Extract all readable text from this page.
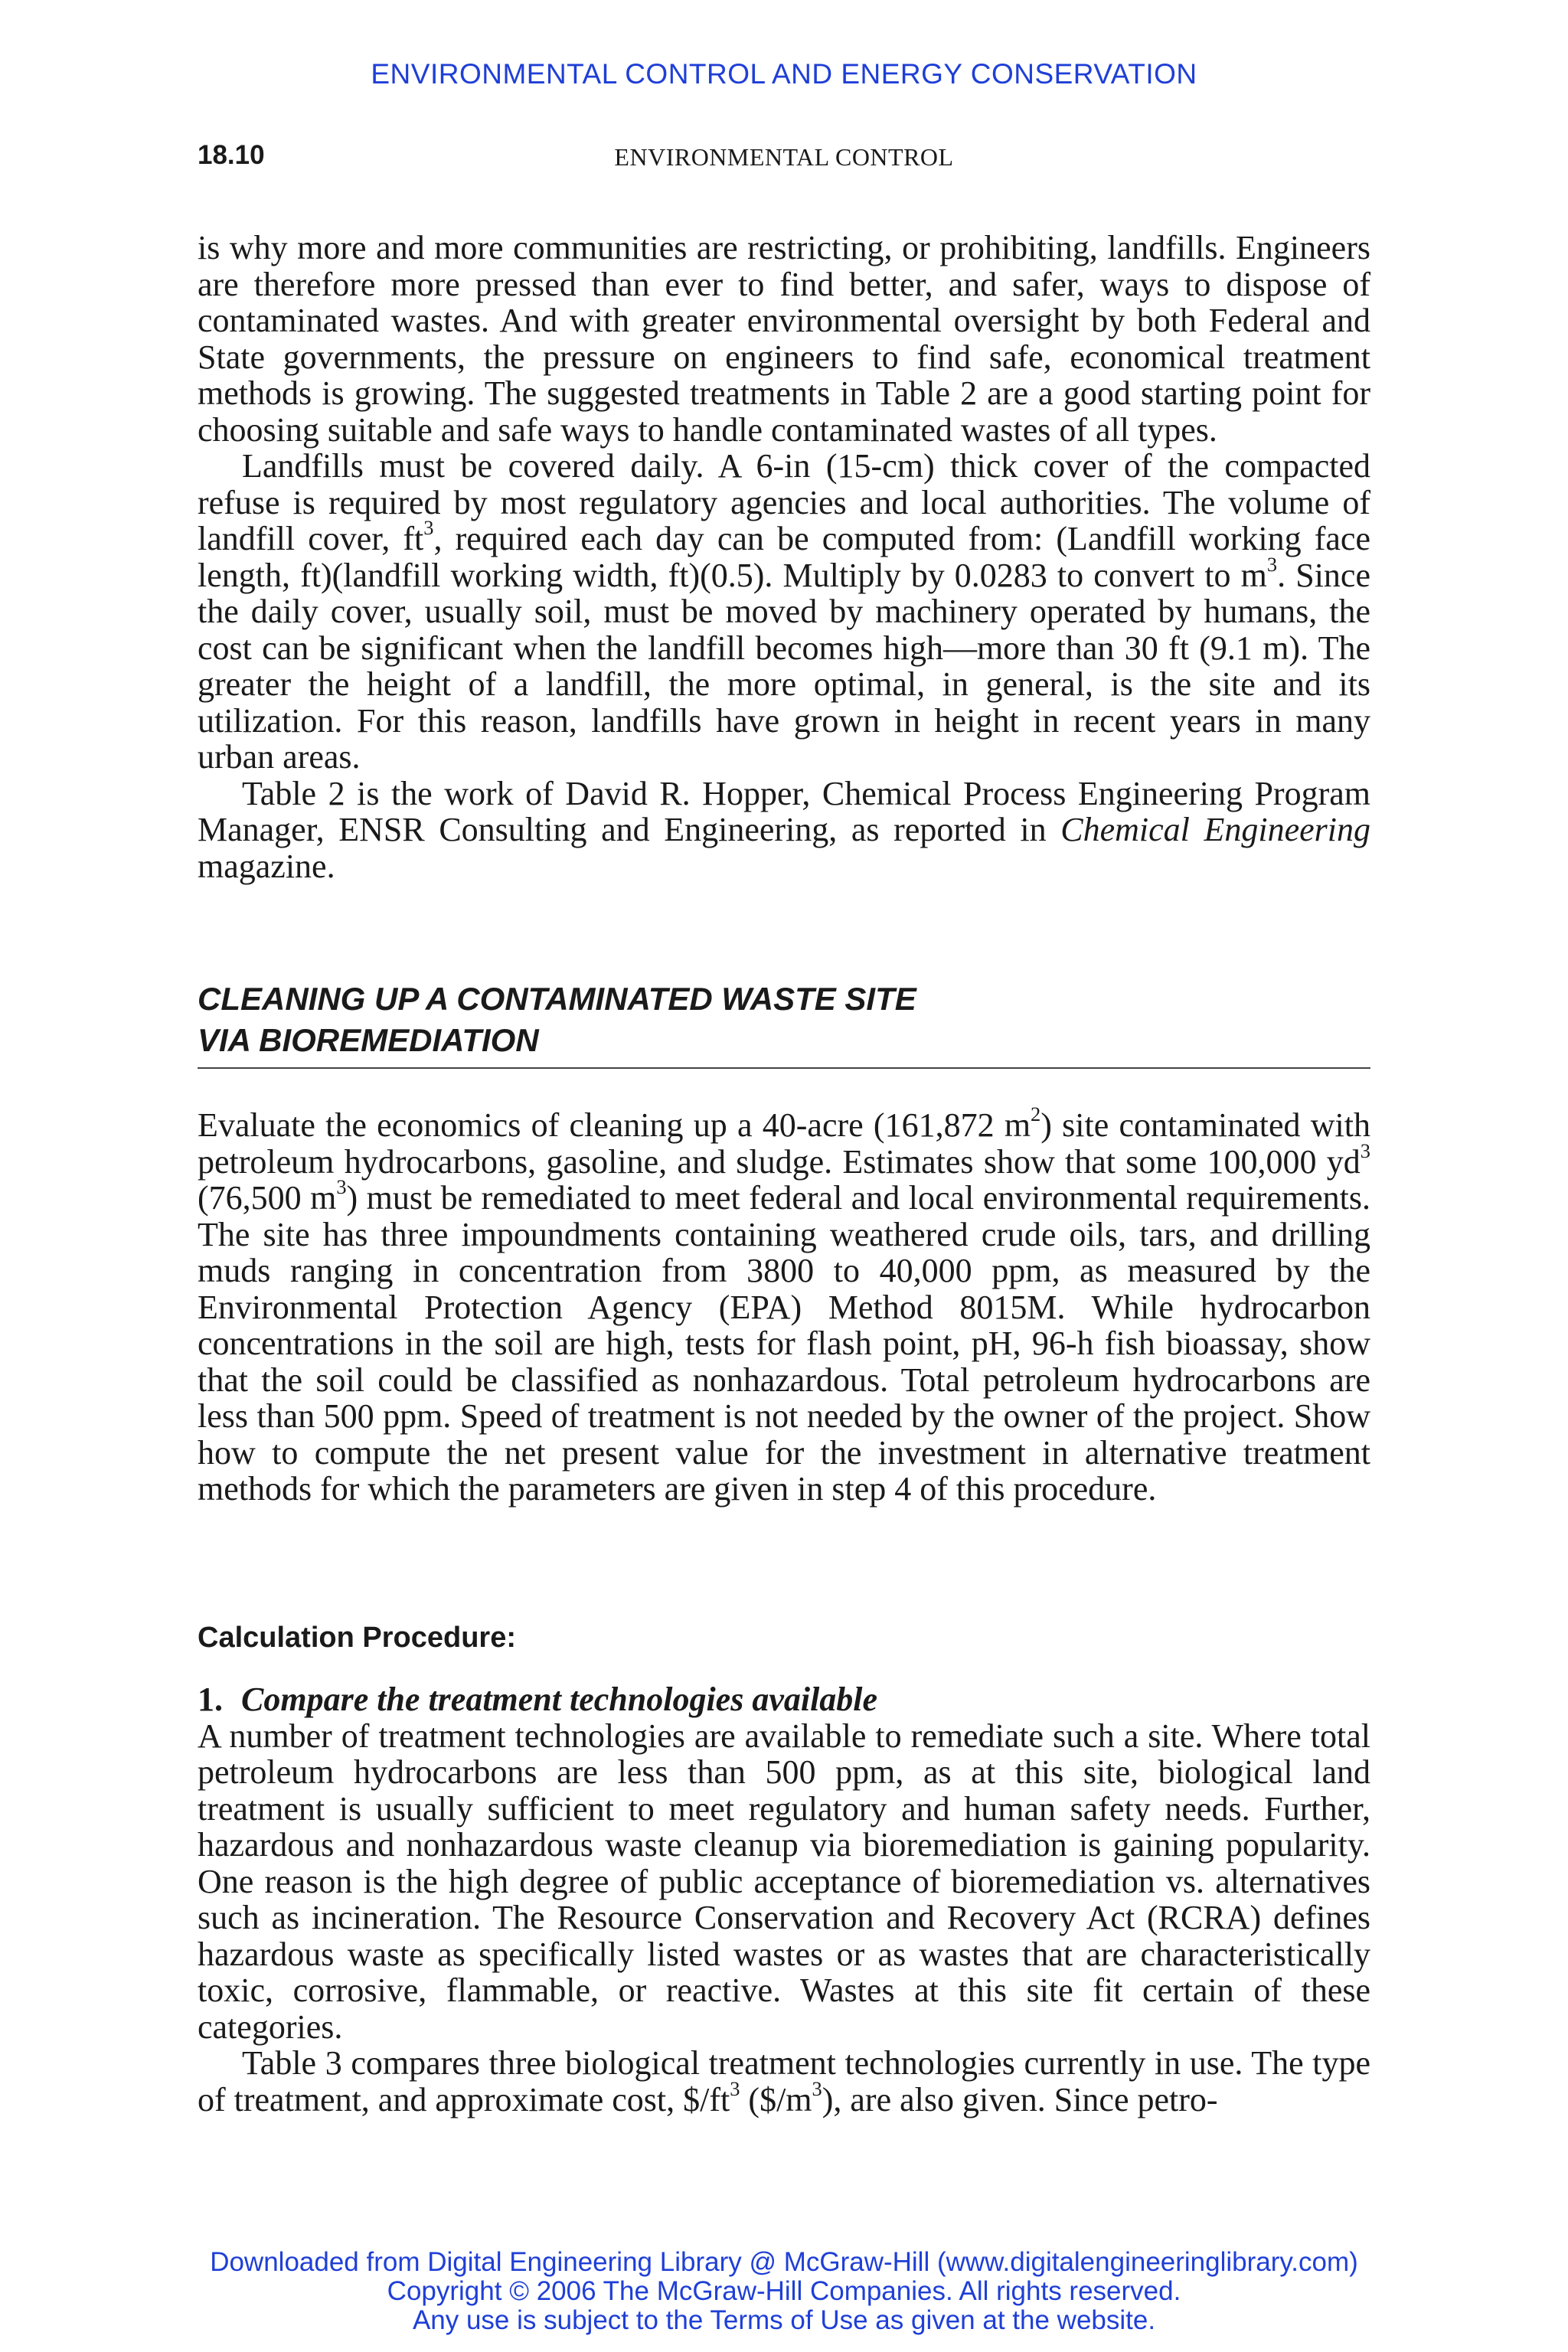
ENVIRONMENTAL CONTROL AND ENERGY CONSERVATION
18.10	ENVIRONMENTAL CONTROL

is why more and more communities are restricting, or prohibiting, landfills. Engineers are therefore more pressed than ever to find better, and safer, ways to dispose of contaminated wastes. And with greater environmental oversight by both Federal and State governments, the pressure on engineers to find safe, economical treatment methods is growing. The suggested treatments in Table 2 are a good starting point for choosing suitable and safe ways to handle contaminated wastes of all types.

Landfills must be covered daily. A 6-in (15-cm) thick cover of the compacted refuse is required by most regulatory agencies and local authorities. The volume of landfill cover, $ft^3$, required each day can be computed from: (Landfill working face length, ft)(landfill working width, ft)(0.5). Multiply by 0.0283 to convert to $m^3$. Since the daily cover, usually soil, must be moved by machinery operated by humans, the cost can be significant when the landfill becomes high—more than 30 ft (9.1 m). The greater the height of a landfill, the more optimal, in general, is the site and its utilization. For this reason, landfills have grown in height in recent years in many urban areas.

Table 2 is the work of David R. Hopper, Chemical Process Engineering Program Manager, ENSR Consulting and Engineering, as reported in Chemical Engineering magazine.

CLEANING UP A CONTAMINATED WASTE SITE
VIA BIOREMEDIATION

Evaluate the economics of cleaning up a 40-acre (161,872 $m^2$) site contaminated with petroleum hydrocarbons, gasoline, and sludge. Estimates show that some 100,000 $yd^3$ (76,500 $m^3$) must be remediated to meet federal and local environmental requirements. The site has three impoundments containing weathered crude oils, tars, and drilling muds ranging in concentration from 3800 to 40,000 ppm, as measured by the Environmental Protection Agency (EPA) Method 8015M. While hydrocarbon concentrations in the soil are high, tests for flash point, pH, 96-h fish bioassay, show that the soil could be classified as nonhazardous. Total petroleum hydrocarbons are less than 500 ppm. Speed of treatment is not needed by the owner of the project. Show how to compute the net present value for the investment in alternative treatment methods for which the parameters are given in step 4 of this procedure.

Calculation Procedure:
1. Compare the treatment technologies available

A number of treatment technologies are available to remediate such a site. Where total petroleum hydrocarbons are less than 500 ppm, as at this site, biological land treatment is usually sufficient to meet regulatory and human safety needs. Further, hazardous and nonhazardous waste cleanup via bioremediation is gaining popularity. One reason is the high degree of public acceptance of bioremediation vs. alternatives such as incineration. The Resource Conservation and Recovery Act (RCRA) defines hazardous waste as specifically listed wastes or as wastes that are characteristically toxic, corrosive, flammable, or reactive. Wastes at this site fit certain of these categories.

Table 3 compares three biological treatment technologies currently in use. The type of treatment, and approximate cost, $\$/ft^3$ $(\$/m^3)$, are also given. Since petro-

Downloaded from Digital Engineering Library @ McGraw-Hill (www.digitalengineeringlibrary.com)
Copyright © 2006 The McGraw-Hill Companies. All rights reserved.
Any use is subject to the Terms of Use as given at the website.
